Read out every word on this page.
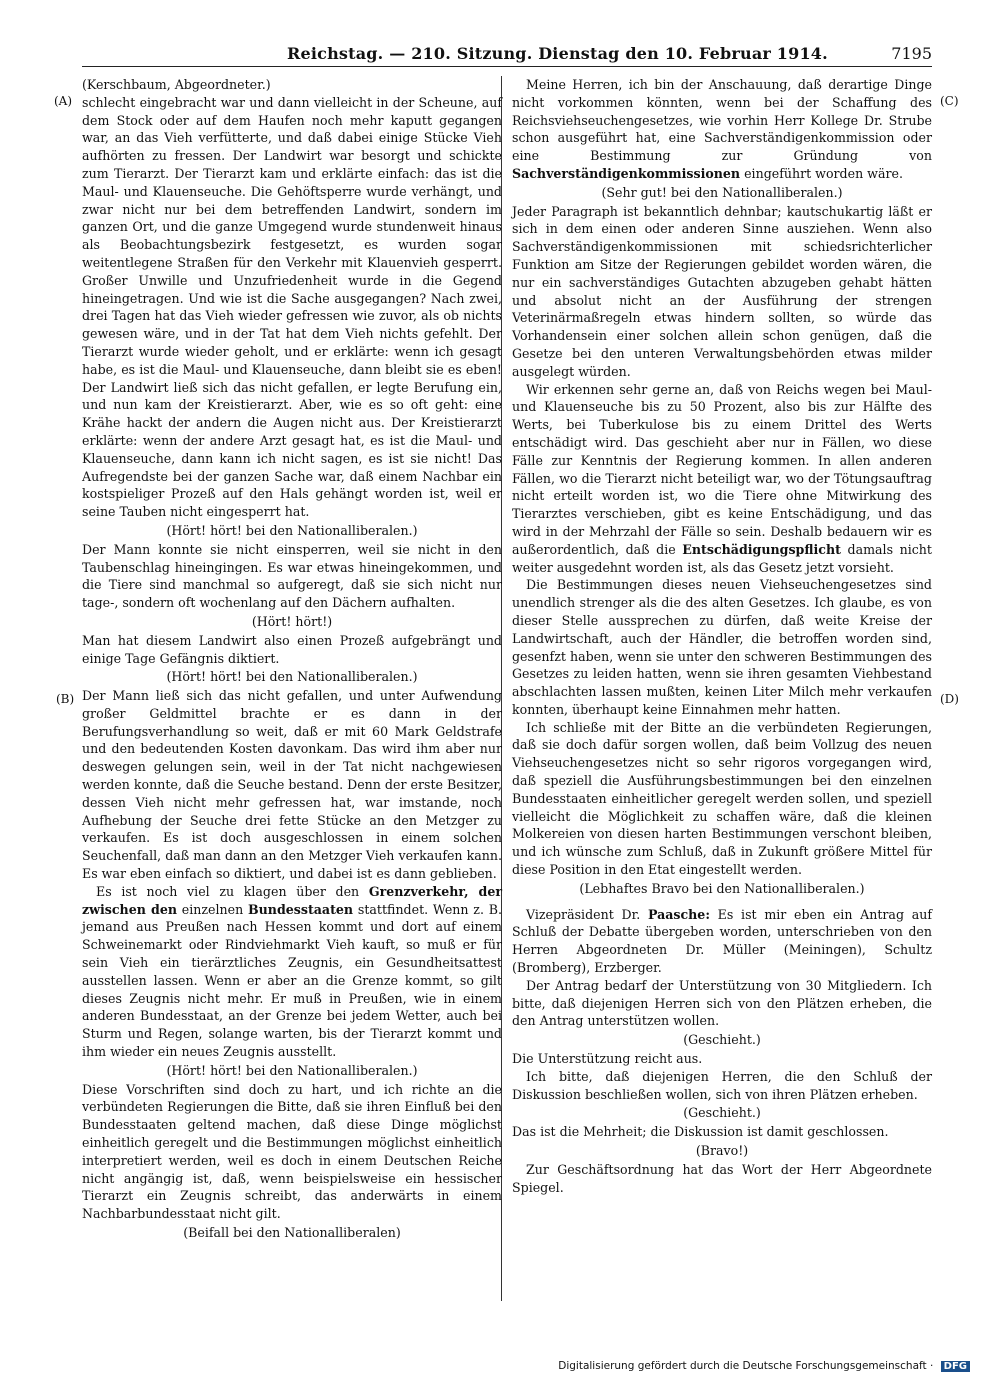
Reichstag. — 210. Sitzung. Dienstag den 10. Februar 1914.	7195
(A)
(B)
(C)
(D)

(Kerschbaum, Abgeordneter.)

schlecht eingebracht war und dann vielleicht in der Scheune, auf dem Stock oder auf dem Haufen noch mehr kaputt gegangen war, an das Vieh verfütterte, und daß dabei einige Stücke Vieh aufhörten zu fressen. Der Landwirt war besorgt und schickte zum Tierarzt. Der Tierarzt kam und erklärte einfach: das ist die Maul- und Klauenseuche. Die Gehöftsperre wurde verhängt, und zwar nicht nur bei dem betreffenden Landwirt, sondern im ganzen Ort, und die ganze Umgegend wurde stundenweit hinaus als Beobachtungsbezirk festgesetzt, es wurden sogar weitentlegene Straßen für den Verkehr mit Klauenvieh gesperrt. Großer Unwille und Unzufriedenheit wurde in die Gegend hineingetragen. Und wie ist die Sache ausgegangen? Nach zwei, drei Tagen hat das Vieh wieder gefressen wie zuvor, als ob nichts gewesen wäre, und in der Tat hat dem Vieh nichts gefehlt. Der Tierarzt wurde wieder geholt, und er erklärte: wenn ich gesagt habe, es ist die Maul- und Klauenseuche, dann bleibt sie es eben! Der Landwirt ließ sich das nicht gefallen, er legte Berufung ein, und nun kam der Kreistierarzt. Aber, wie es so oft geht: eine Krähe hackt der andern die Augen nicht aus. Der Kreistierarzt erklärte: wenn der andere Arzt gesagt hat, es ist die Maul- und Klauenseuche, dann kann ich nicht sagen, es ist sie nicht! Das Aufregendste bei der ganzen Sache war, daß einem Nachbar ein kostspieliger Prozeß auf den Hals gehängt worden ist, weil er seine Tauben nicht eingesperrt hat.

(Hört! hört! bei den Nationalliberalen.)

Der Mann konnte sie nicht einsperren, weil sie nicht in den Taubenschlag hineingingen. Es war etwas hineingekommen, und die Tiere sind manchmal so aufgeregt, daß sie sich nicht nur tage-, sondern oft wochenlang auf den Dächern aufhalten.

(Hört! hört!)

Man hat diesem Landwirt also einen Prozeß aufgebrängt und einige Tage Gefängnis diktiert.

(Hört! hört! bei den Nationalliberalen.)

Der Mann ließ sich das nicht gefallen, und unter Aufwendung großer Geldmittel brachte er es dann in der Berufungsverhandlung so weit, daß er mit 60 Mark Geldstrafe und den bedeutenden Kosten davonkam. Das wird ihm aber nur deswegen gelungen sein, weil in der Tat nicht nachgewiesen werden konnte, daß die Seuche bestand. Denn der erste Besitzer, dessen Vieh nicht mehr gefressen hat, war imstande, noch Aufhebung der Seuche drei fette Stücke an den Metzger zu verkaufen. Es ist doch ausgeschlossen in einem solchen Seuchenfall, daß man dann an den Metzger Vieh verkaufen kann. Es war eben einfach so diktiert, und dabei ist es dann geblieben.

Es ist noch viel zu klagen über den Grenzverkehr, der zwischen den einzelnen Bundesstaaten stattfindet. Wenn z. B. jemand aus Preußen nach Hessen kommt und dort auf einem Schweinemarkt oder Rindviehmarkt Vieh kauft, so muß er für sein Vieh ein tierärztliches Zeugnis, ein Gesundheitsattest ausstellen lassen. Wenn er aber an die Grenze kommt, so gilt dieses Zeugnis nicht mehr. Er muß in Preußen, wie in einem anderen Bundesstaat, an der Grenze bei jedem Wetter, auch bei Sturm und Regen, solange warten, bis der Tierarzt kommt und ihm wieder ein neues Zeugnis ausstellt.

(Hört! hört! bei den Nationalliberalen.)

Diese Vorschriften sind doch zu hart, und ich richte an die verbündeten Regierungen die Bitte, daß sie ihren Einfluß bei den Bundesstaaten geltend machen, daß diese Dinge möglichst einheitlich geregelt und die Bestimmungen möglichst einheitlich interpretiert werden, weil es doch in einem Deutschen Reiche nicht angängig ist, daß, wenn beispielsweise ein hessischer Tierarzt ein Zeugnis schreibt, das anderwärts in einem Nachbarbundesstaat nicht gilt.

(Beifall bei den Nationalliberalen)

Meine Herren, ich bin der Anschauung, daß derartige Dinge nicht vorkommen könnten, wenn bei der Schaffung des Reichsviehseuchengesetzes, wie vorhin Herr Kollege Dr. Strube schon ausgeführt hat, eine Sachverständigenkommission oder eine Bestimmung zur Gründung von Sachverständigenkommissionen eingeführt worden wäre.

(Sehr gut! bei den Nationalliberalen.)

Jeder Paragraph ist bekanntlich dehnbar; kautschukartig läßt er sich in dem einen oder anderen Sinne ausziehen. Wenn also Sachverständigenkommissionen mit schiedsrichterlicher Funktion am Sitze der Regierungen gebildet worden wären, die nur ein sachverständiges Gutachten abzugeben gehabt hätten und absolut nicht an der Ausführung der strengen Veterinärmaßregeln etwas hindern sollten, so würde das Vorhandensein einer solchen allein schon genügen, daß die Gesetze bei den unteren Verwaltungsbehörden etwas milder ausgelegt würden.

Wir erkennen sehr gerne an, daß von Reichs wegen bei Maul- und Klauenseuche bis zu 50 Prozent, also bis zur Hälfte des Werts, bei Tuberkulose bis zu einem Drittel des Werts entschädigt wird. Das geschieht aber nur in Fällen, wo diese Fälle zur Kenntnis der Regierung kommen. In allen anderen Fällen, wo die Tierarzt nicht beteiligt war, wo der Tötungsauftrag nicht erteilt worden ist, wo die Tiere ohne Mitwirkung des Tierarztes verschieben, gibt es keine Entschädigung, und das wird in der Mehrzahl der Fälle so sein. Deshalb bedauern wir es außerordentlich, daß die Entschädigungspflicht damals nicht weiter ausgedehnt worden ist, als das Gesetz jetzt vorsieht.

Die Bestimmungen dieses neuen Viehseuchengesetzes sind unendlich strenger als die des alten Gesetzes. Ich glaube, es von dieser Stelle aussprechen zu dürfen, daß weite Kreise der Landwirtschaft, auch der Händler, die betroffen worden sind, gesenfzt haben, wenn sie unter den schweren Bestimmungen des Gesetzes zu leiden hatten, wenn sie ihren gesamten Viehbestand abschlachten lassen mußten, keinen Liter Milch mehr verkaufen konnten, überhaupt keine Einnahmen mehr hatten.

Ich schließe mit der Bitte an die verbündeten Regierungen, daß sie doch dafür sorgen wollen, daß beim Vollzug des neuen Viehseuchengesetzes nicht so sehr rigoros vorgegangen wird, daß speziell die Ausführungsbestimmungen bei den einzelnen Bundesstaaten einheitlicher geregelt werden sollen, und speziell vielleicht die Möglichkeit zu schaffen wäre, daß die kleinen Molkereien von diesen harten Bestimmungen verschont bleiben, und ich wünsche zum Schluß, daß in Zukunft größere Mittel für diese Position in den Etat eingestellt werden.

(Lebhaftes Bravo bei den Nationalliberalen.)

Vizepräsident Dr. Paasche: Es ist mir eben ein Antrag auf Schluß der Debatte übergeben worden, unterschrieben von den Herren Abgeordneten Dr. Müller (Meiningen), Schultz (Bromberg), Erzberger.

Der Antrag bedarf der Unterstützung von 30 Mitgliedern. Ich bitte, daß diejenigen Herren sich von den Plätzen erheben, die den Antrag unterstützen wollen.

(Geschieht.)

Die Unterstützung reicht aus.

Ich bitte, daß diejenigen Herren, die den Schluß der Diskussion beschließen wollen, sich von ihren Plätzen erheben.

(Geschieht.)

Das ist die Mehrheit; die Diskussion ist damit geschlossen.

(Bravo!)

Zur Geschäftsordnung hat das Wort der Herr Abgeordnete Spiegel.

Digitalisierung gefördert durch die Deutsche Forschungsgemeinschaft · DFG
